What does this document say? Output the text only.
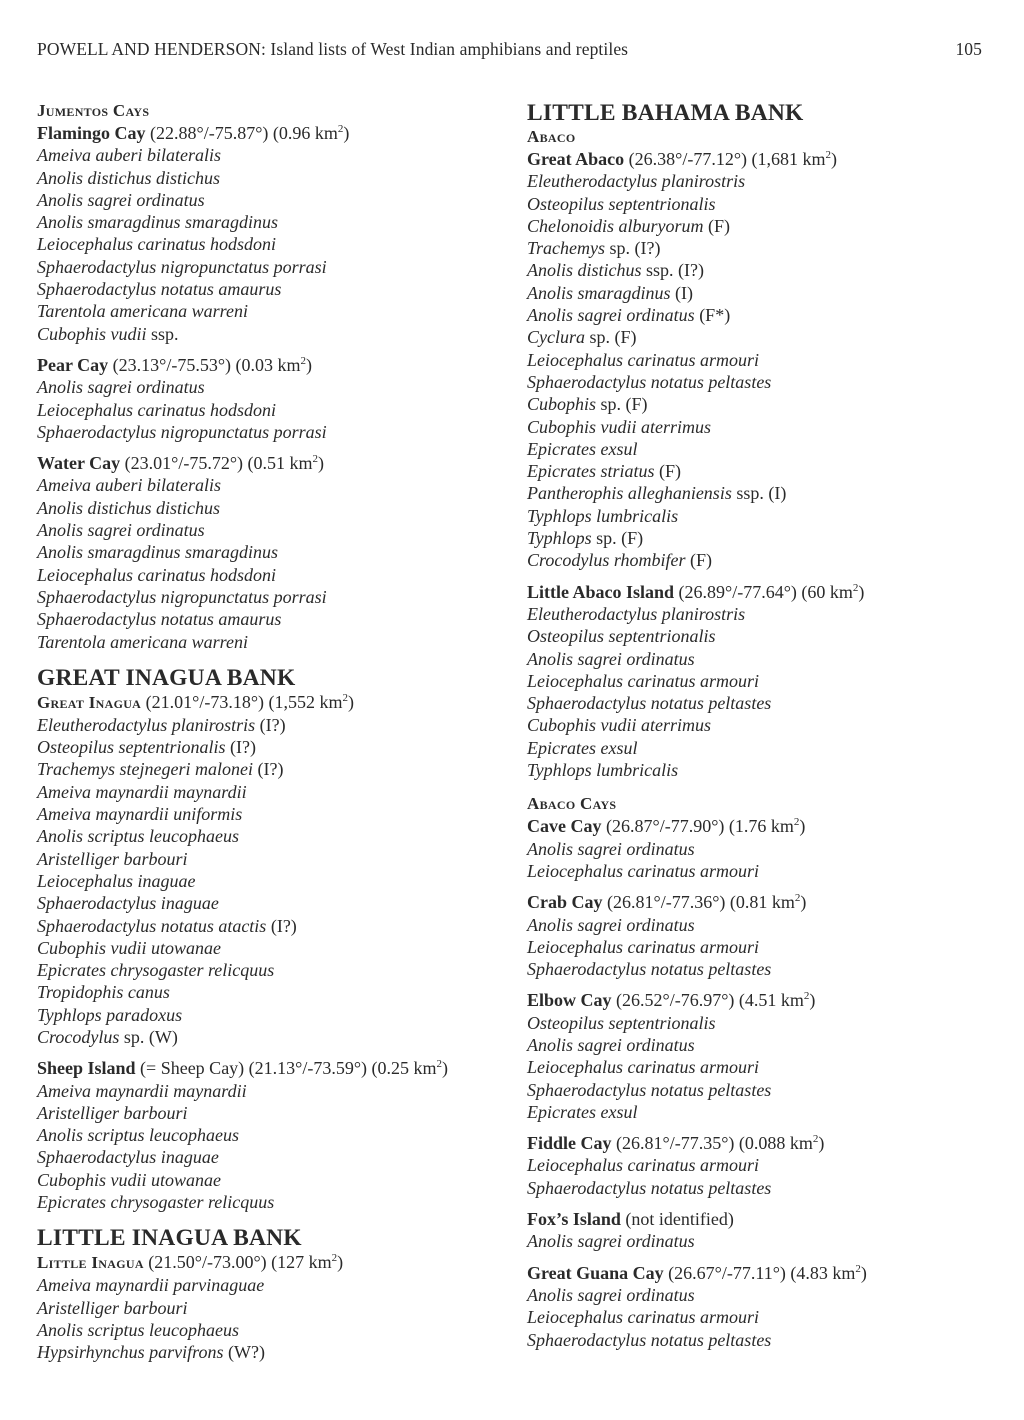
POWELL AND HENDERSON: Island lists of West Indian amphibians and reptiles	105
Jumentos Cays
Flamingo Cay (22.88°/-75.87°) (0.96 $km^2$)
Ameiva auberi bilateralis
Anolis distichus distichus
Anolis sagrei ordinatus
Anolis smaragdinus smaragdinus
Leiocephalus carinatus hodsdoni
Sphaerodactylus nigropunctatus porrasi
Sphaerodactylus notatus amaurus
Tarentola americana warreni
Cubophis vudii ssp.
Pear Cay (23.13°/-75.53°) (0.03 $km^2$)
Anolis sagrei ordinatus
Leiocephalus carinatus hodsdoni
Sphaerodactylus nigropunctatus porrasi
Water Cay (23.01°/-75.72°) (0.51 $km^2$)
Ameiva auberi bilateralis
Anolis distichus distichus
Anolis sagrei ordinatus
Anolis smaragdinus smaragdinus
Leiocephalus carinatus hodsdoni
Sphaerodactylus nigropunctatus porrasi
Sphaerodactylus notatus amaurus
Tarentola americana warreni
GREAT INAGUA BANK
Great Inagua (21.01°/-73.18°) (1,552 $km^2$)
Eleutherodactylus planirostris (I?)
Osteopilus septentrionalis (I?)
Trachemys stejnegeri maloneі (I?)
Ameiva maynardii maynardii
Ameiva maynardii uniformis
Anolis scriptus leucophaeus
Aristelliger barbouri
Leiocephalus inaguae
Sphaerodactylus inaguae
Sphaerodactylus notatus atactis (I?)
Cubophis vudii utowanae
Epicrates chrysogaster relicquus
Tropidophis canus
Typhlops paradoxus
Crocodylus sp. (W)
Sheep Island (= Sheep Cay) (21.13°/-73.59°) (0.25 $km^2$)
Ameiva maynardii maynardii
Aristelliger barbouri
Anolis scriptus leucophaeus
Sphaerodactylus inaguae
Cubophis vudii utowanae
Epicrates chrysogaster relicquus
LITTLE INAGUA BANK
Little Inagua (21.50°/-73.00°) (127 $km^2$)
Ameiva maynardii parvinaguae
Aristelliger barbouri
Anolis scriptus leucophaeus
Hypsirhynchus parvifrons (W?)
LITTLE BAHAMA BANK
Abaco
Great Abaco (26.38°/-77.12°) (1,681 $km^2$)
Eleutherodactylus planirostris
Osteopilus septentrionalis
Chelonoidis alburyorum (F)
Trachemys sp. (I?)
Anolis distichus ssp. (I?)
Anolis smaragdinus (I)
Anolis sagrei ordinatus (F*)
Cyclura sp. (F)
Leiocephalus carinatus armouri
Sphaerodactylus notatus peltastes
Cubophis sp. (F)
Cubophis vudii aterrimus
Epicrates exsul
Epicrates striatus (F)
Pantherophis alleghaniensis ssp. (I)
Typhlops lumbricalis
Typhlops sp. (F)
Crocodylus rhombifer (F)
Little Abaco Island (26.89°/-77.64°) (60 $km^2$)
Eleutherodactylus planirostris
Osteopilus septentrionalis
Anolis sagrei ordinatus
Leiocephalus carinatus armouri
Sphaerodactylus notatus peltastes
Cubophis vudii aterrimus
Epicrates exsul
Typhlops lumbricalis
Abaco Cays
Cave Cay (26.87°/-77.90°) (1.76 $km^2$)
Anolis sagrei ordinatus
Leiocephalus carinatus armouri
Crab Cay (26.81°/-77.36°) (0.81 $km^2$)
Anolis sagrei ordinatus
Leiocephalus carinatus armouri
Sphaerodactylus notatus peltastes
Elbow Cay (26.52°/-76.97°) (4.51 $km^2$)
Osteopilus septentrionalis
Anolis sagrei ordinatus
Leiocephalus carinatus armouri
Sphaerodactylus notatus peltastes
Epicrates exsul
Fiddle Cay (26.81°/-77.35°) (0.088 $km^2$)
Leiocephalus carinatus armouri
Sphaerodactylus notatus peltastes
Fox’s Island (not identified)
Anolis sagrei ordinatus
Great Guana Cay (26.67°/-77.11°) (4.83 $km^2$)
Anolis sagrei ordinatus
Leiocephalus carinatus armouri
Sphaerodactylus notatus peltastes
